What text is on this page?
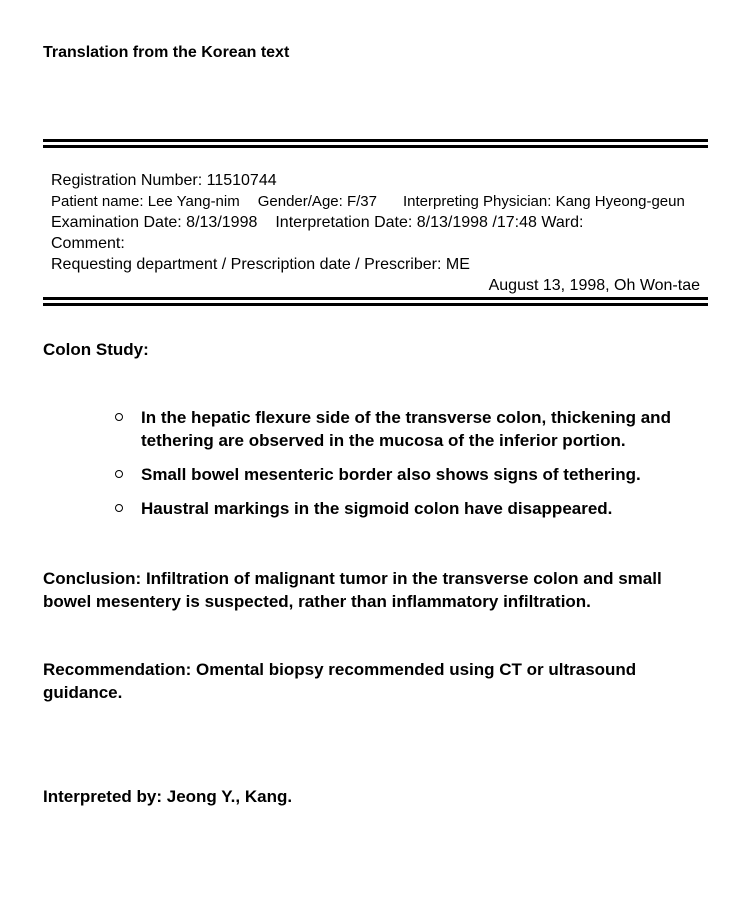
Translation from the Korean text
Registration Number: 11510744
Patient name: Lee Yang-nim Gender/Age: F/37 Interpreting Physician: Kang Hyeong-geun
Examination Date: 8/13/1998 Interpretation Date: 8/13/1998 /17:48 Ward:
Comment:
Requesting department / Prescription date / Prescriber: ME
August 13, 1998, Oh Won-tae
Colon Study:
In the hepatic flexure side of the transverse colon, thickening and tethering are observed in the mucosa of the inferior portion.
Small bowel mesenteric border also shows signs of tethering.
Haustral markings in the sigmoid colon have disappeared.
Conclusion: Infiltration of malignant tumor in the transverse colon and small bowel mesentery is suspected, rather than inflammatory infiltration.
Recommendation: Omental biopsy recommended using CT or ultrasound guidance.
Interpreted by: Jeong Y., Kang.
